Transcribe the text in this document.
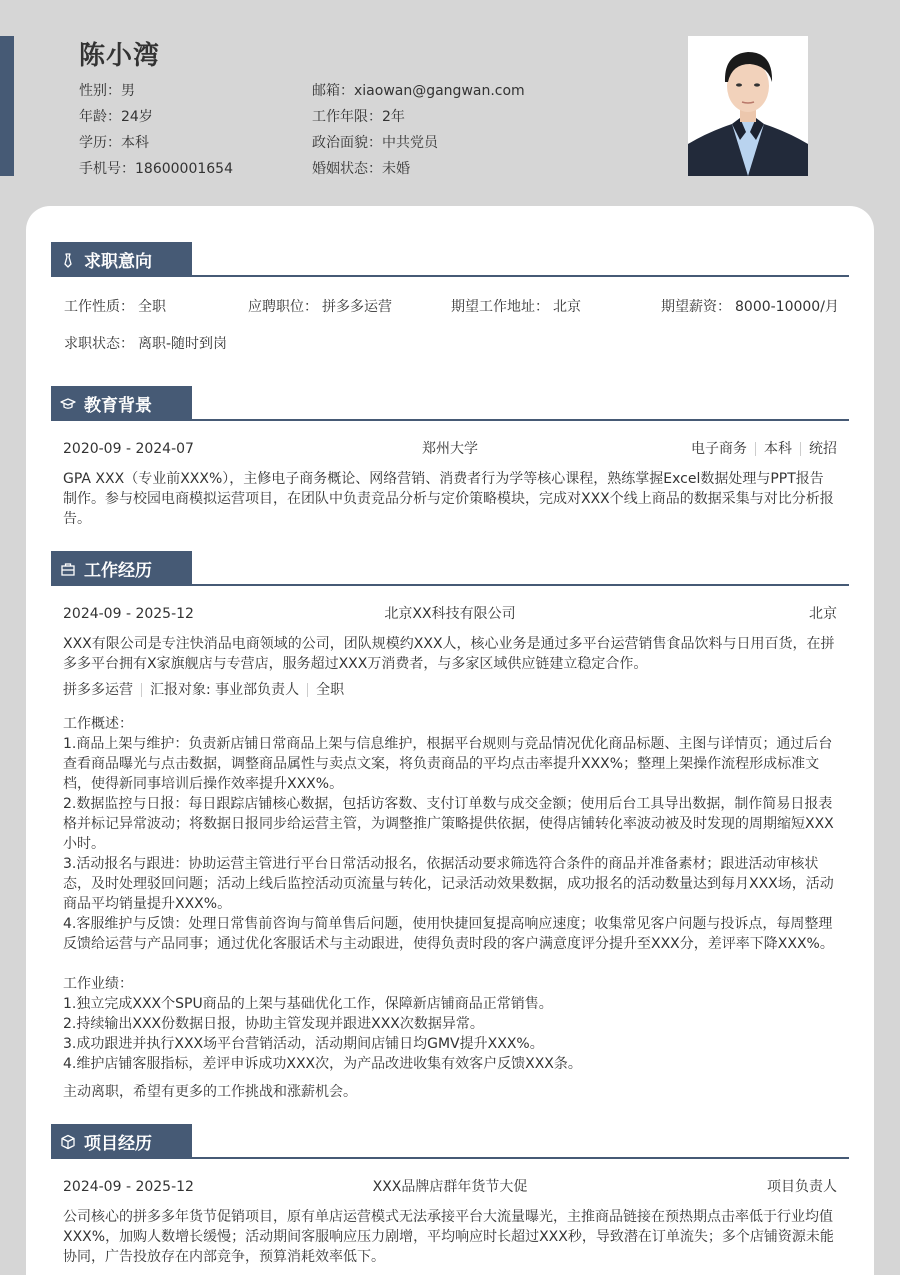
陈小湾
性别：男	邮箱：xiaowan@gangwan.com
年龄：24岁	工作年限：2年
学历：本科	政治面貌：中共党员
手机号：18600001654	婚姻状态：未婚
求职意向
工作性质： 全职	应聘职位： 拼多多运营	期望工作地址： 北京	期望薪资： 8000-10000/月
求职状态： 离职-随时到岗
教育背景
2020-09 - 2024-07	郑州大学	电子商务 本科 统招
GPA XXX（专业前XXX%），主修电子商务概论、网络营销、消费者行为学等核心课程，熟练掌握Excel数据处理与PPT报告制作。参与校园电商模拟运营项目，在团队中负责竞品分析与定价策略模块，完成对XXX个线上商品的数据采集与对比分析报告。
工作经历
2024-09 - 2025-12	北京XX科技有限公司	北京
XXX有限公司是专注快消品电商领域的公司，团队规模约XXX人，核心业务是通过多平台运营销售食品饮料与日用百货，在拼多多平台拥有X家旗舰店与专营店，服务超过XXX万消费者，与多家区域供应链建立稳定合作。
拼多多运营 汇报对象: 事业部负责人 全职
工作概述：
1.商品上架与维护：负责新店铺日常商品上架与信息维护，根据平台规则与竞品情况优化商品标题、主图与详情页；通过后台查看商品曝光与点击数据，调整商品属性与卖点文案，将负责商品的平均点击率提升XXX%；整理上架操作流程形成标准文档，使得新同事培训后操作效率提升XXX%。
2.数据监控与日报：每日跟踪店铺核心数据，包括访客数、支付订单数与成交金额；使用后台工具导出数据，制作简易日报表格并标记异常波动；将数据日报同步给运营主管，为调整推广策略提供依据，使得店铺转化率波动被及时发现的周期缩短XXX小时。
3.活动报名与跟进：协助运营主管进行平台日常活动报名，依据活动要求筛选符合条件的商品并准备素材；跟进活动审核状态，及时处理驳回问题；活动上线后监控活动页流量与转化，记录活动效果数据，成功报名的活动数量达到每月XXX场，活动商品平均销量提升XXX%。
4.客服维护与反馈：处理日常售前咨询与简单售后问题，使用快捷回复提高响应速度；收集常见客户问题与投诉点，每周整理反馈给运营与产品同事；通过优化客服话术与主动跟进，使得负责时段的客户满意度评分提升至XXX分，差评率下降XXX%。
工作业绩：
1.独立完成XXX个SPU商品的上架与基础优化工作，保障新店铺商品正常销售。
2.持续输出XXX份数据日报，协助主管发现并跟进XXX次数据异常。
3.成功跟进并执行XXX场平台营销活动，活动期间店铺日均GMV提升XXX%。
4.维护店铺客服指标，差评申诉成功XXX次，为产品改进收集有效客户反馈XXX条。
主动离职，希望有更多的工作挑战和涨薪机会。
项目经历
2024-09 - 2025-12	XXX品牌店群年货节大促	项目负责人
公司核心的拼多多年货节促销项目，原有单店运营模式无法承接平台大流量曝光，主推商品链接在预热期点击率低于行业均值XXX%，加购人数增长缓慢；活动期间客服响应压力剧增，平均响应时长超过XXX秒，导致潜在订单流失；多个店铺资源未能协同，广告投放存在内部竞争，预算消耗效率低下。
